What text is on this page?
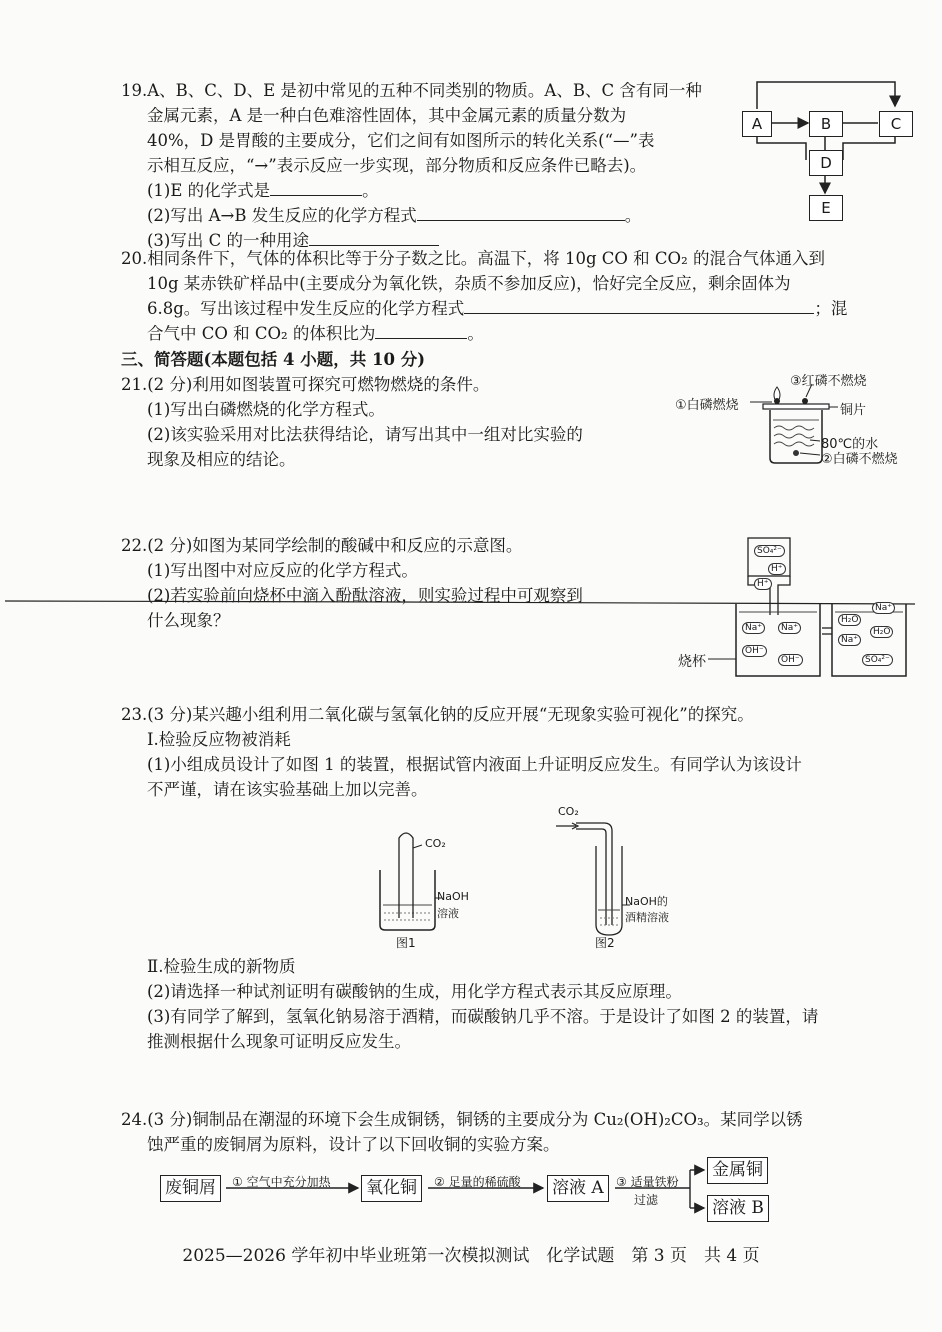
19.A、B、C、D、E 是初中常见的五种不同类别的物质。A、B、C 含有同一种
金属元素，A 是一种白色难溶性固体，其中金属元素的质量分数为
40%，D 是胃酸的主要成分，它们之间有如图所示的转化关系(“—”表
示相互反应，“→”表示反应一步实现，部分物质和反应条件已略去)。
(1)E 的化学式是	。
(2)写出 A→B 发生反应的化学方程式	。
(3)写出 C 的一种用途
A	B	C
D
E
20.相同条件下，气体的体积比等于分子数之比。高温下，将 10g CO 和 CO₂ 的混合气体通入到
10g 某赤铁矿样品中(主要成分为氧化铁，杂质不参加反应)，恰好完全反应，剩余固体为
6.8g。写出该过程中发生反应的化学方程式	；混
合气中 CO 和 CO₂ 的体积比为	。
三、简答题(本题包括 4 小题，共 10 分)
21.(2 分)利用如图装置可探究可燃物燃烧的条件。
(1)写出白磷燃烧的化学方程式。
(2)该实验采用对比法获得结论，请写出其中一组对比实验的
现象及相应的结论。
③红磷不燃烧
①白磷燃烧	铜片
80℃的水
②白磷不燃烧
22.(2 分)如图为某同学绘制的酸碱中和反应的示意图。
(1)写出图中对应反应的化学方程式。
(2)若实验前向烧杯中滴入酚酞溶液，则实验过程中可观察到
什么现象？
SO₄²⁻
H⁺
H⁺
Na⁺	Na⁺
OH⁻
OH⁻
H₂O
Na⁺
Na⁺
H₂O
SO₄²⁻
烧杯
23.(3 分)某兴趣小组利用二氧化碳与氢氧化钠的反应开展“无现象实验可视化”的探究。
Ⅰ.检验反应物被消耗
(1)小组成员设计了如图 1 的装置，根据试管内液面上升证明反应发生。有同学认为该设计
不严谨，请在该实验基础上加以完善。
CO₂
NaOH
溶液
图1
CO₂
NaOH的
酒精溶液
图2
Ⅱ.检验生成的新物质
(2)请选择一种试剂证明有碳酸钠的生成，用化学方程式表示其反应原理。
(3)有同学了解到，氢氧化钠易溶于酒精，而碳酸钠几乎不溶。于是设计了如图 2 的装置，请
推测根据什么现象可证明反应发生。
24.(3 分)铜制品在潮湿的环境下会生成铜锈，铜锈的主要成分为 Cu₂(OH)₂CO₃。某同学以锈
蚀严重的废铜屑为原料，设计了以下回收铜的实验方案。
废铜屑	① 空气中充分加热 氧化铜	② 足量的稀硫酸 溶液 A	③ 适量铁粉
过滤
金属铜
溶液 B
2025—2026 学年初中毕业班第一次模拟测试　化学试题　第 3 页　共 4 页
